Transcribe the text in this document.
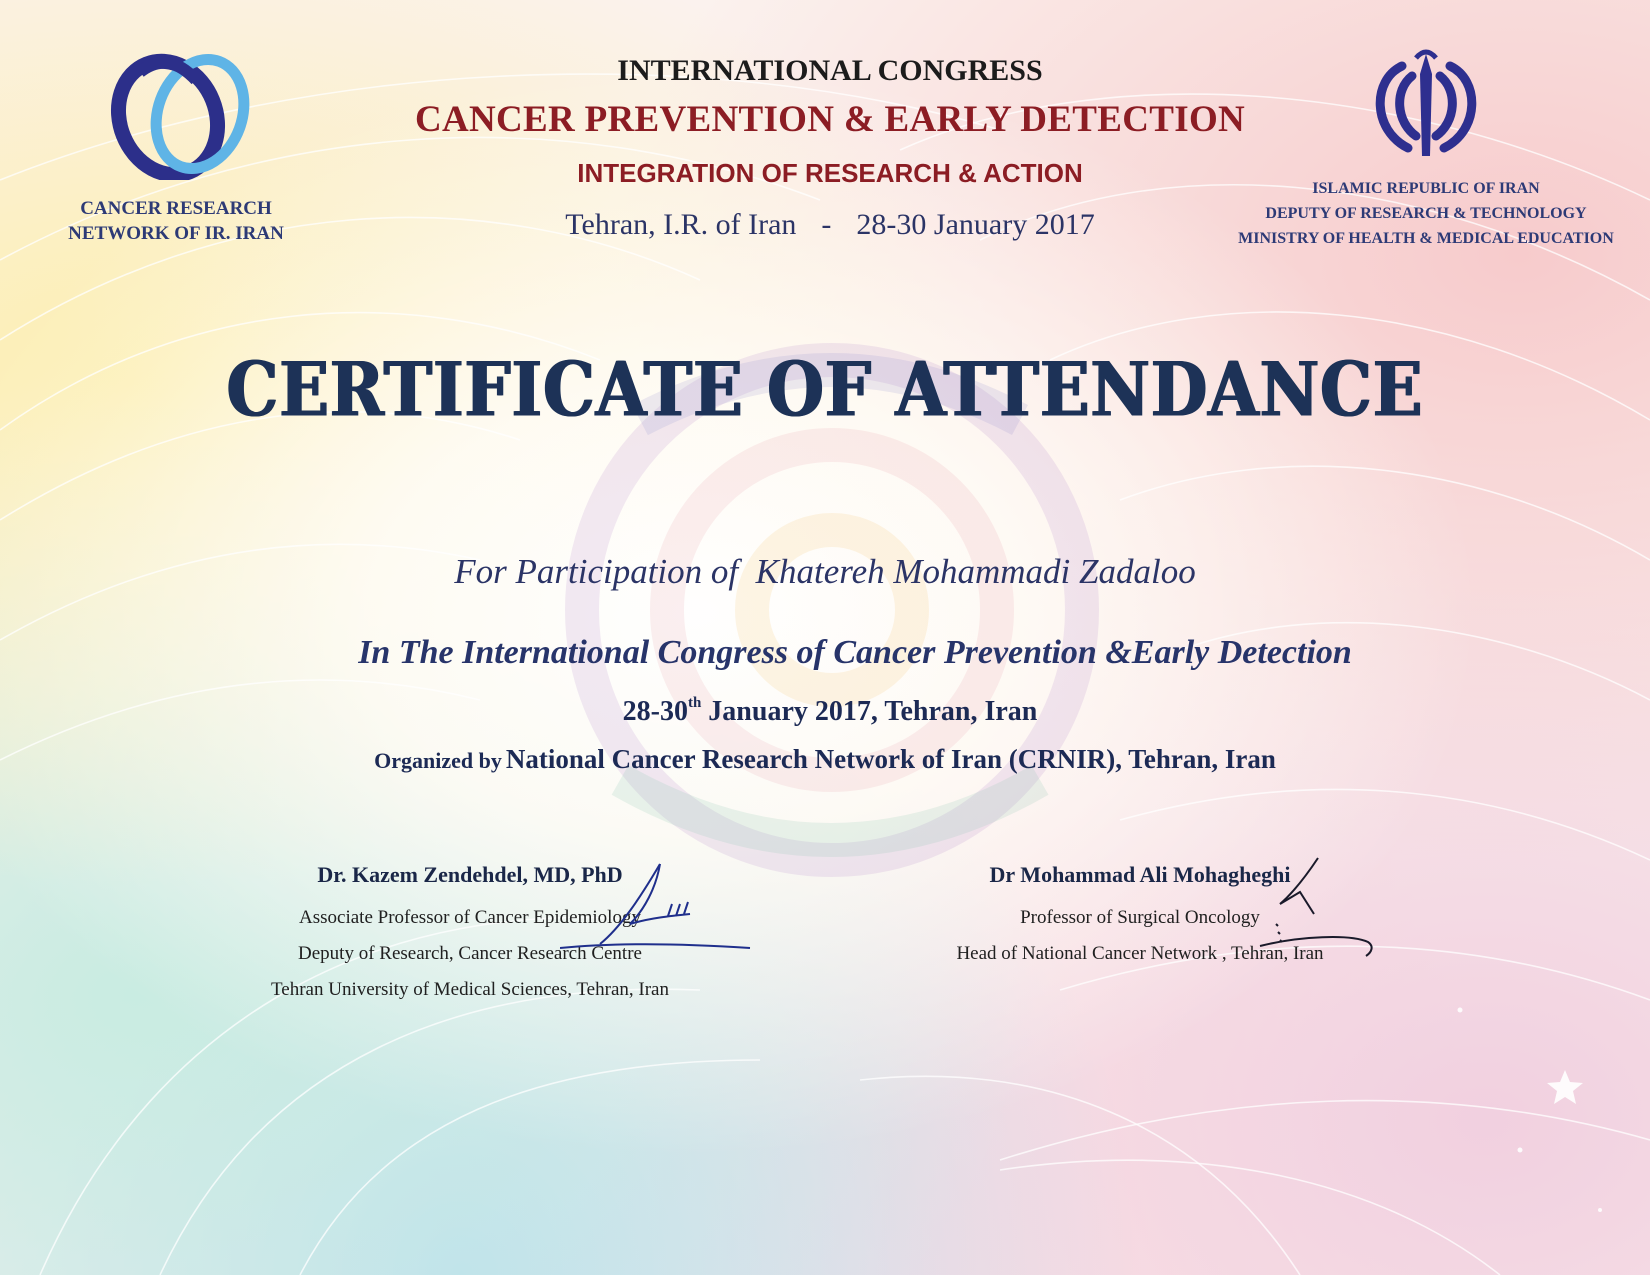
CANCER RESEARCH
NETWORK OF IR. IRAN
ISLAMIC REPUBLIC OF IRAN
DEPUTY OF RESEARCH & TECHNOLOGY
MINISTRY OF HEALTH & MEDICAL EDUCATION
INTERNATIONAL CONGRESS
CANCER PREVENTION & EARLY DETECTION
INTEGRATION OF RESEARCH & ACTION
Tehran, I.R. of Iran - 28-30 January 2017
CERTIFICATE OF ATTENDANCE
For Participation of Khatereh Mohammadi Zadaloo
In The International Congress of Cancer Prevention &Early Detection
28-30th January 2017, Tehran, Iran
Organized by National Cancer Research Network of Iran (CRNIR), Tehran, Iran
Dr. Kazem Zendehdel, MD, PhD
Associate Professor of Cancer Epidemiology
Deputy of Research, Cancer Research Centre
Tehran University of Medical Sciences, Tehran, Iran
Dr Mohammad Ali Mohagheghi
Professor of Surgical Oncology
Head of National Cancer Network , Tehran, Iran
